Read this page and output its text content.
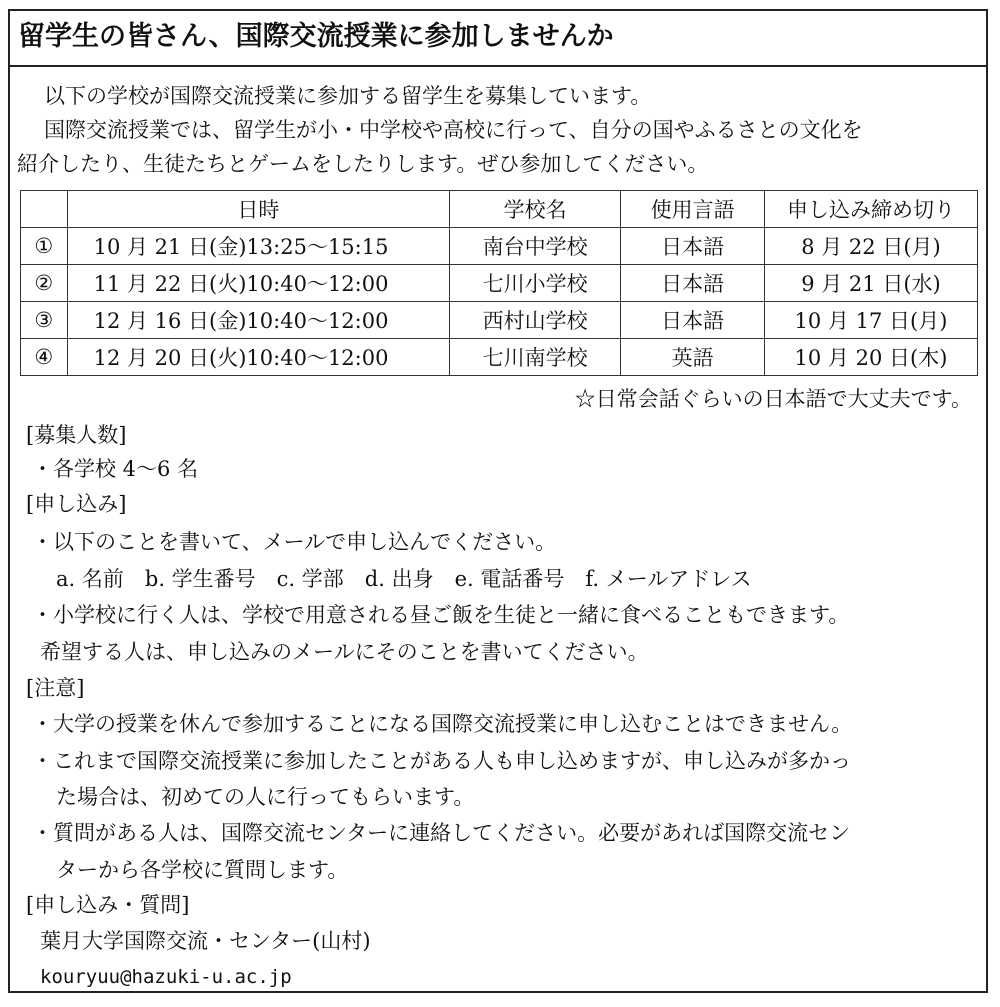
留学生の皆さん、国際交流授業に参加しませんか
以下の学校が国際交流授業に参加する留学生を募集しています。
国際交流授業では、留学生が小・中学校や高校に行って、自分の国やふるさとの文化を
紹介したり、生徒たちとゲームをしたりします。ぜひ参加してください。
	日時	学校名	使用言語	申し込み締め切り
①	10 月 21 日(金)13:25～15:15	南台中学校	日本語	8 月 22 日(月)
②	11 月 22 日(火)10:40～12:00	七川小学校	日本語	9 月 21 日(水)
③	12 月 16 日(金)10:40～12:00	西村山学校	日本語	10 月 17 日(月)
④	12 月 20 日(火)10:40～12:00	七川南学校	英語	10 月 20 日(木)
☆日常会話ぐらいの日本語で大丈夫です。
[募集人数]
・各学校 4～6 名
[申し込み]
・以下のことを書いて、メールで申し込んでください。
a. 名前　b. 学生番号　c. 学部　d. 出身　e. 電話番号　f. メールアドレス
・小学校に行く人は、学校で用意される昼ご飯を生徒と一緒に食べることもできます。
希望する人は、申し込みのメールにそのことを書いてください。
[注意]
・大学の授業を休んで参加することになる国際交流授業に申し込むことはできません。
・これまで国際交流授業に参加したことがある人も申し込めますが、申し込みが多かっ
た場合は、初めての人に行ってもらいます。
・質問がある人は、国際交流センターに連絡してください。必要があれば国際交流セン
ターから各学校に質問します。
[申し込み・質問]
葉月大学国際交流・センター(山村)
kouryuu@hazuki-u.ac.jp
